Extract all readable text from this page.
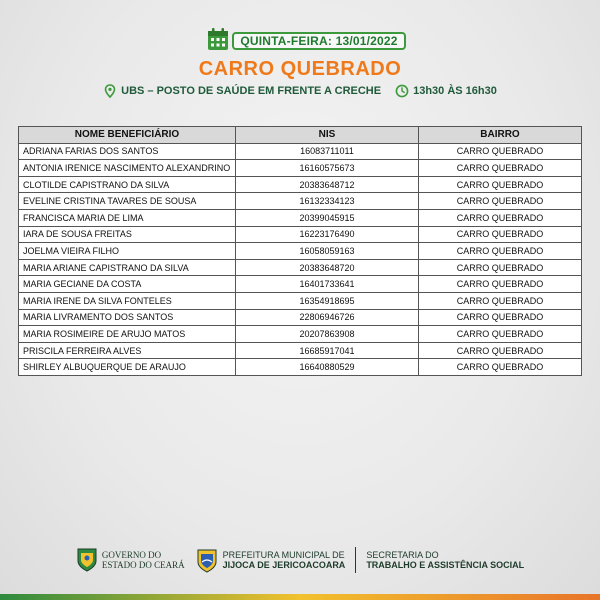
QUINTA-FEIRA: 13/01/2022
CARRO QUEBRADO
UBS – POSTO DE SAÚDE EM FRENTE A CRECHE	13h30 ÀS 16h30
NOME BENEFICIÁRIO	NIS	BAIRRO
ADRIANA FARIAS DOS SANTOS	16083711011	CARRO QUEBRADO
ANTONIA IRENICE NASCIMENTO ALEXANDRINO	16160575673	CARRO QUEBRADO
CLOTILDE CAPISTRANO DA SILVA	20383648712	CARRO QUEBRADO
EVELINE CRISTINA TAVARES DE SOUSA	16132334123	CARRO QUEBRADO
FRANCISCA MARIA DE LIMA	20399045915	CARRO QUEBRADO
IARA DE SOUSA FREITAS	16223176490	CARRO QUEBRADO
JOELMA VIEIRA FILHO	16058059163	CARRO QUEBRADO
MARIA ARIANE CAPISTRANO DA SILVA	20383648720	CARRO QUEBRADO
MARIA GECIANE DA COSTA	16401733641	CARRO QUEBRADO
MARIA IRENE DA SILVA FONTELES	16354918695	CARRO QUEBRADO
MARIA LIVRAMENTO DOS SANTOS	22806946726	CARRO QUEBRADO
MARIA ROSIMEIRE DE ARUJO MATOS	20207863908	CARRO QUEBRADO
PRISCILA FERREIRA ALVES	16685917041	CARRO QUEBRADO
SHIRLEY ALBUQUERQUE DE ARAUJO	16640880529	CARRO QUEBRADO
GOVERNO DO
ESTADO DO CEARÁ
PREFEITURA MUNICIPAL DE
JIJOCA DE JERICOACOARA
SECRETARIA DO
TRABALHO E ASSISTÊNCIA SOCIAL
